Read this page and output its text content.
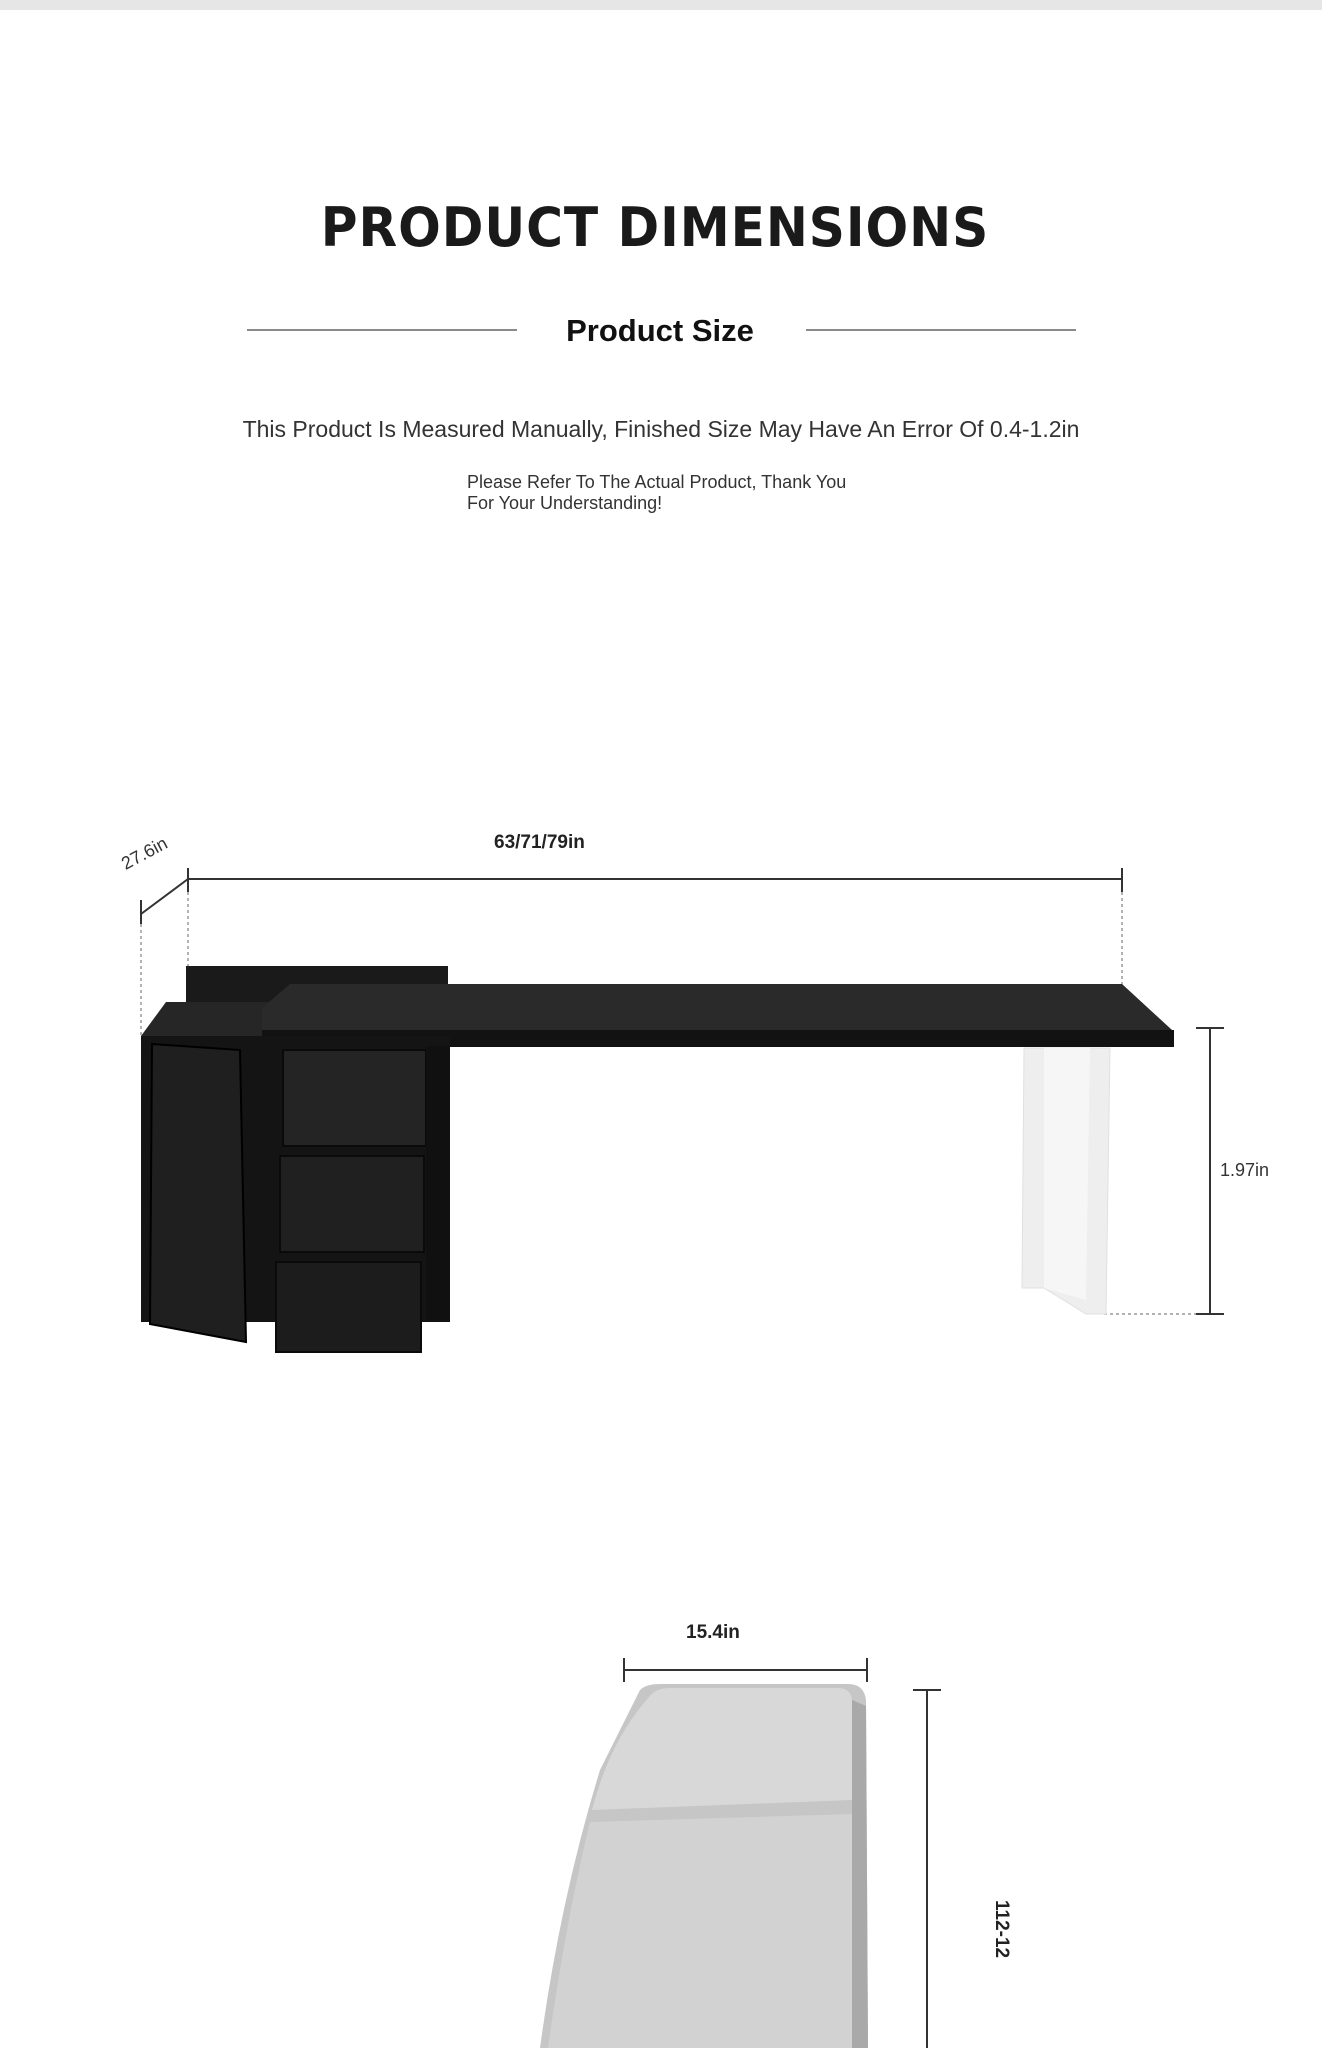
PRODUCT DIMENSIONS
Product Size
This Product Is Measured Manually, Finished Size May Have An Error Of 0.4-1.2in
Please Refer To The Actual Product, Thank You For Your Understanding!
63/71/79in
27.6in
1.97in
15.4in
112-12
